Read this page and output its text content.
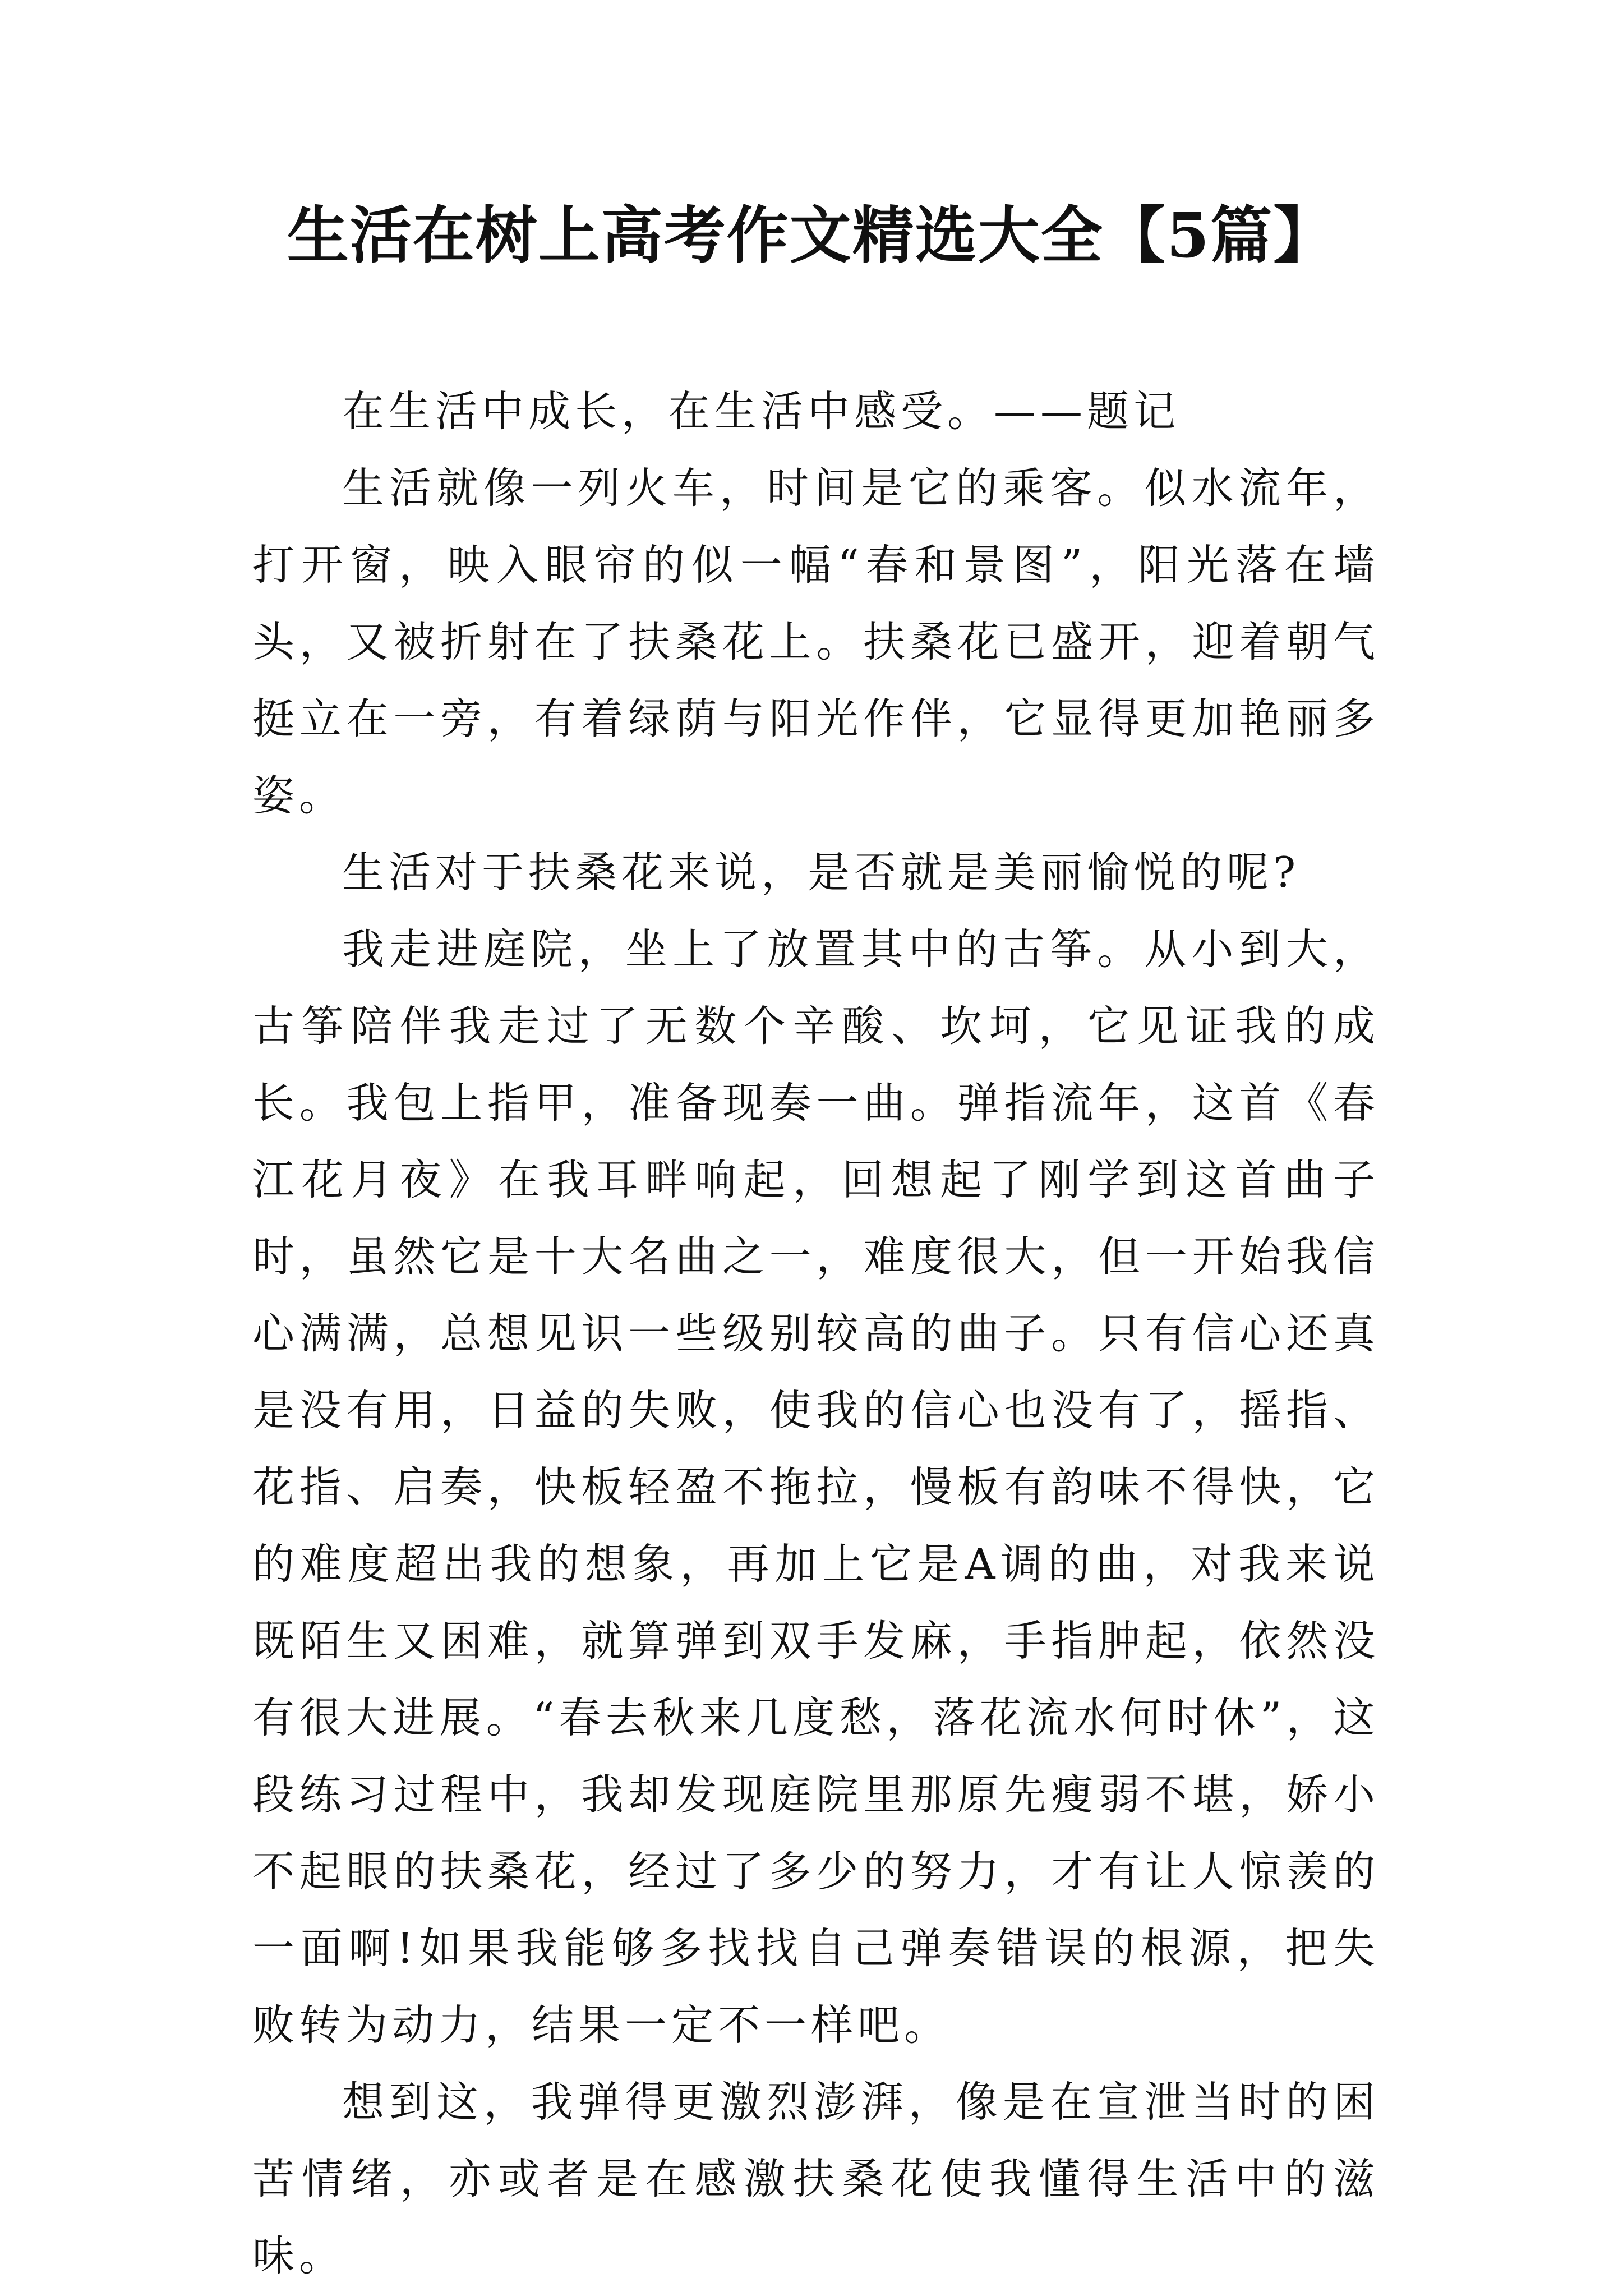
生活在树上高考作文精选大全【5篇】

在生活中成长，在生活中感受。——题记

生活就像一列火车，时间是它的乘客。似水流年，打开窗，映入眼帘的似一幅“春和景图”，阳光落在墙头，又被折射在了扶桑花上。扶桑花已盛开，迎着朝气挺立在一旁，有着绿荫与阳光作伴，它显得更加艳丽多姿。

生活对于扶桑花来说，是否就是美丽愉悦的呢?

我走进庭院，坐上了放置其中的古筝。从小到大，古筝陪伴我走过了无数个辛酸、坎坷，它见证我的成长。我包上指甲，准备现奏一曲。弹指流年，这首《春江花月夜》在我耳畔响起，回想起了刚学到这首曲子时，虽然它是十大名曲之一，难度很大，但一开始我信心满满，总想见识一些级别较高的曲子。只有信心还真是没有用，日益的失败，使我的信心也没有了，摇指、花指、启奏，快板轻盈不拖拉，慢板有韵味不得快，它的难度超出我的想象，再加上它是A调的曲，对我来说既陌生又困难，就算弹到双手发麻，手指肿起，依然没有很大进展。“春去秋来几度愁，落花流水何时休”，这段练习过程中，我却发现庭院里那原先瘦弱不堪，娇小不起眼的扶桑花，经过了多少的努力，才有让人惊羡的一面啊!如果我能够多找找自己弹奏错误的根源，把失败转为动力，结果一定不一样吧。

想到这，我弹得更激烈澎湃，像是在宣泄当时的困苦情绪，亦或者是在感激扶桑花使我懂得生活中的滋味。
